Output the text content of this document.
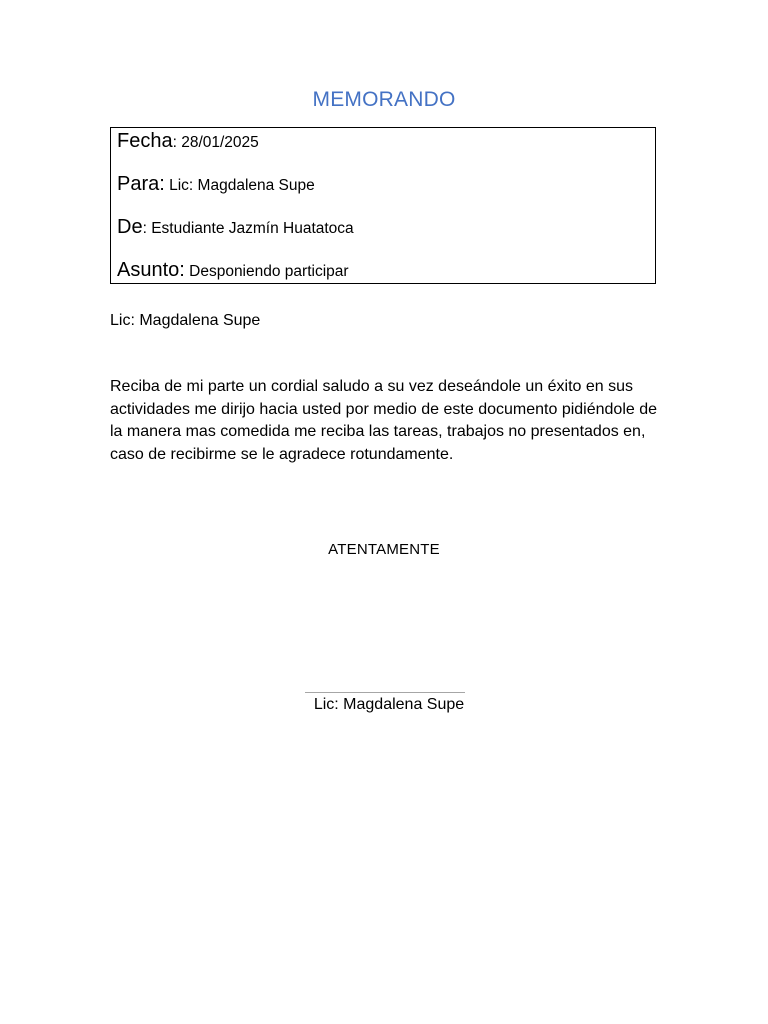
MEMORANDO
Fecha: 28/01/2025
Para: Lic: Magdalena Supe
De: Estudiante Jazmín Huatatoca
Asunto: Desponiendo participar
Lic: Magdalena Supe
Reciba de mi parte un cordial saludo a su vez deseándole un éxito en sus actividades me dirijo hacia usted por medio de este documento pidiéndole de la manera mas comedida me reciba las tareas, trabajos no presentados en, caso de recibirme se le agradece rotundamente.
ATENTAMENTE
Lic: Magdalena Supe
